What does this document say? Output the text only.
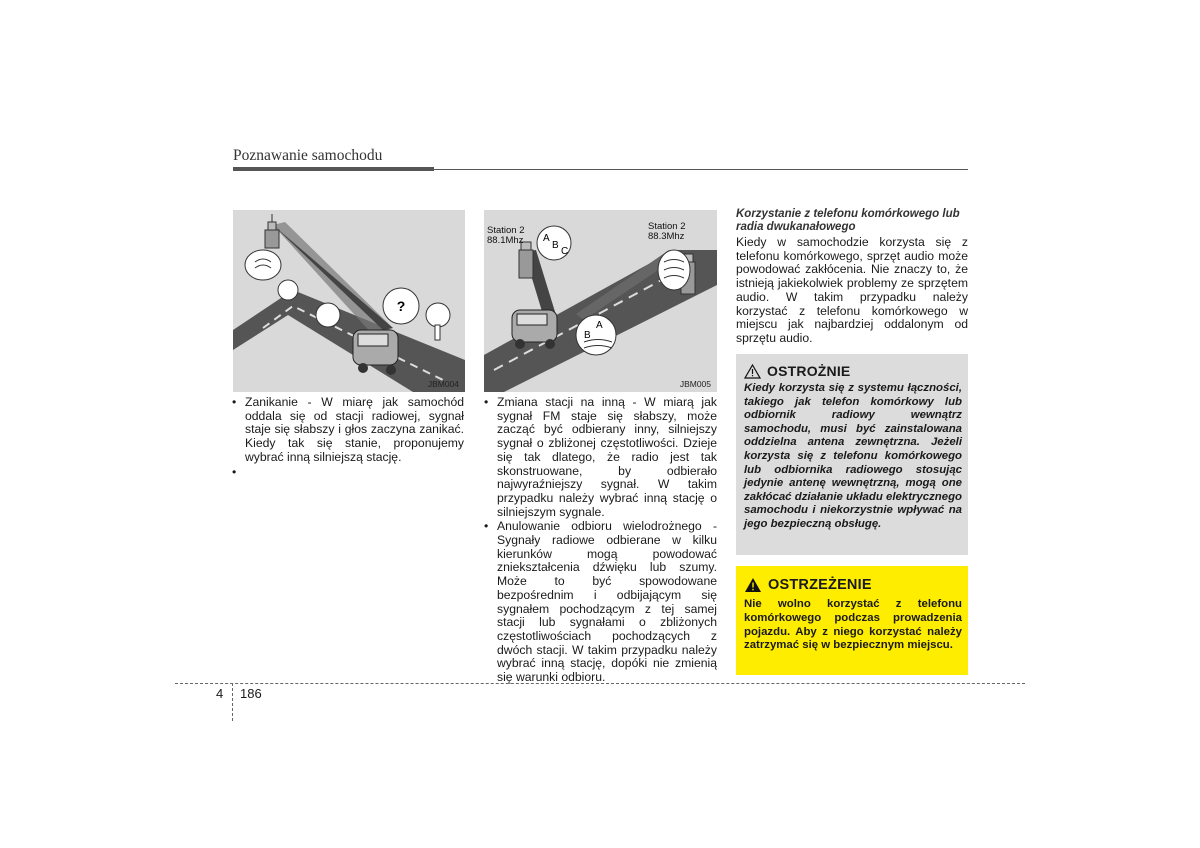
Poznawanie samochodu
?
JBM004
A
B
C
A
B
Station 2
88.1Mhz
Station 2
88.3Mhz
JBM005
• Zanikanie - W miarę jak samochód oddala się od stacji radiowej, sygnał staje się słabszy i głos zaczyna zanikać. Kiedy tak się stanie, proponujemy wybrać inną silniejszą stację.
•
• Zmiana stacji na inną - W miarą jak sygnał FM staje się słabszy, może zacząć być odbierany inny, silniejszy sygnał o zbliżonej częstotliwości. Dzieje się tak dlatego, że radio jest tak skonstruowane, by odbierało najwyraźniejszy sygnał. W takim przypadku należy wybrać inną stację o silniejszym sygnale.
• Anulowanie odbioru wielodrożnego - Sygnały radiowe odbierane w kilku kierunków mogą powodować zniekształcenia dźwięku lub szumy. Może to być spowodowane bezpośrednim i odbijającym się sygnałem pochodzącym z tej samej stacji lub sygnałami o zbliżonych częstotliwościach pochodzących z dwóch stacji. W takim przypadku należy wybrać inną stację, dopóki nie zmienią się warunki odbioru.
Korzystanie z telefonu komórkowego lub radia dwukanałowego
Kiedy w samochodzie korzysta się z telefonu komórkowego, sprzęt audio może powodować zakłócenia. Nie znaczy to, że istnieją jakiekolwiek problemy ze sprzętem audio. W takim przypadku należy korzystać z telefonu komórkowego w miejscu jak najbardziej oddalonym od sprzętu audio.
OSTROŻNIE
Kiedy korzysta się z systemu łączności, takiego jak telefon komórkowy lub odbiornik radiowy wewnątrz samochodu, musi być zainstalowana oddzielna antena zewnętrzna. Jeżeli korzysta się z telefonu komórkowego lub odbiornika radiowego stosując jedynie antenę wewnętrzną, mogą one zakłócać działanie układu elektrycznego samochodu i niekorzystnie wpływać na jego bezpieczną obsługę.
OSTRZEŻENIE
Nie wolno korzystać z telefonu komórkowego podczas prowadzenia pojazdu. Aby z niego korzystać należy zatrzymać się w bezpiecznym miejscu.
4 186
